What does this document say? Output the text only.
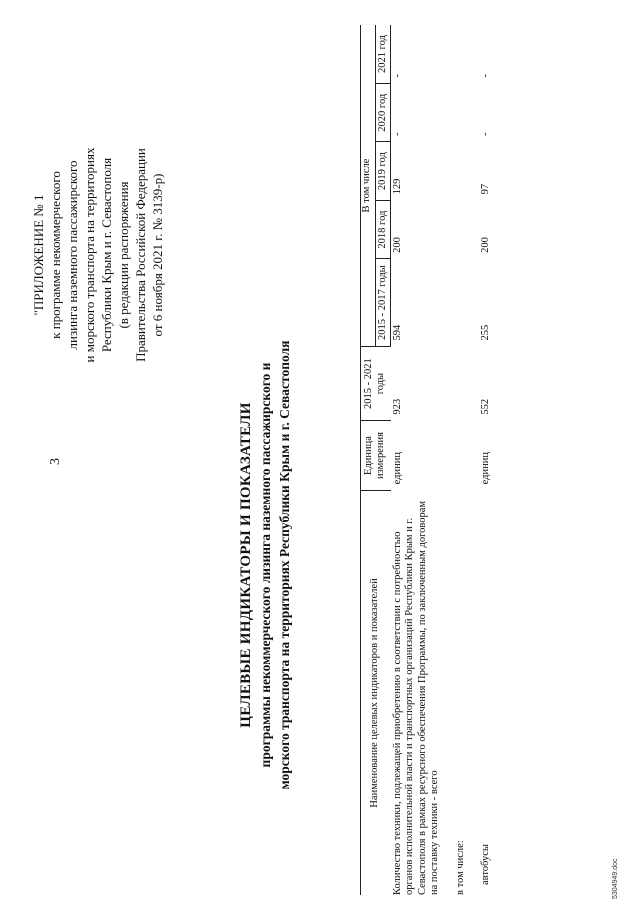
3
"ПРИЛОЖЕНИЕ № 1 к программе некоммерческого лизинга наземного пассажирского и морского транспорта на территориях Республики Крым и г. Севастополя (в редакции распоряжения Правительства Российской Федерации от 6 ноября 2021 г. № 3139-р)
ЦЕЛЕВЫЕ ИНДИКАТОРЫ И ПОКАЗАТЕЛИ программы некоммерческого лизинга наземного пассажирского и морского транспорта на территориях Республики Крым и г. Севастополя	Наименование целевых индикаторов и показателей	Единица измерения	2015 - 2021 годы	В том числе				
			2015 - 2017 годы	2018 год	2019 год	2020 год	2021 год
Количество техники, подлежащей приобретению в соответствии с потребностью органов исполнительной власти и транспортных организаций Республики Крым и г. Севастополя в рамках ресурсного обеспечения Программы, по заключенным договорам на поставку техники - всего	единиц	923	594	200	129	-	-
в том числе:							
автобусы	единиц	552	255	200	97	-	-
5304949.doc
